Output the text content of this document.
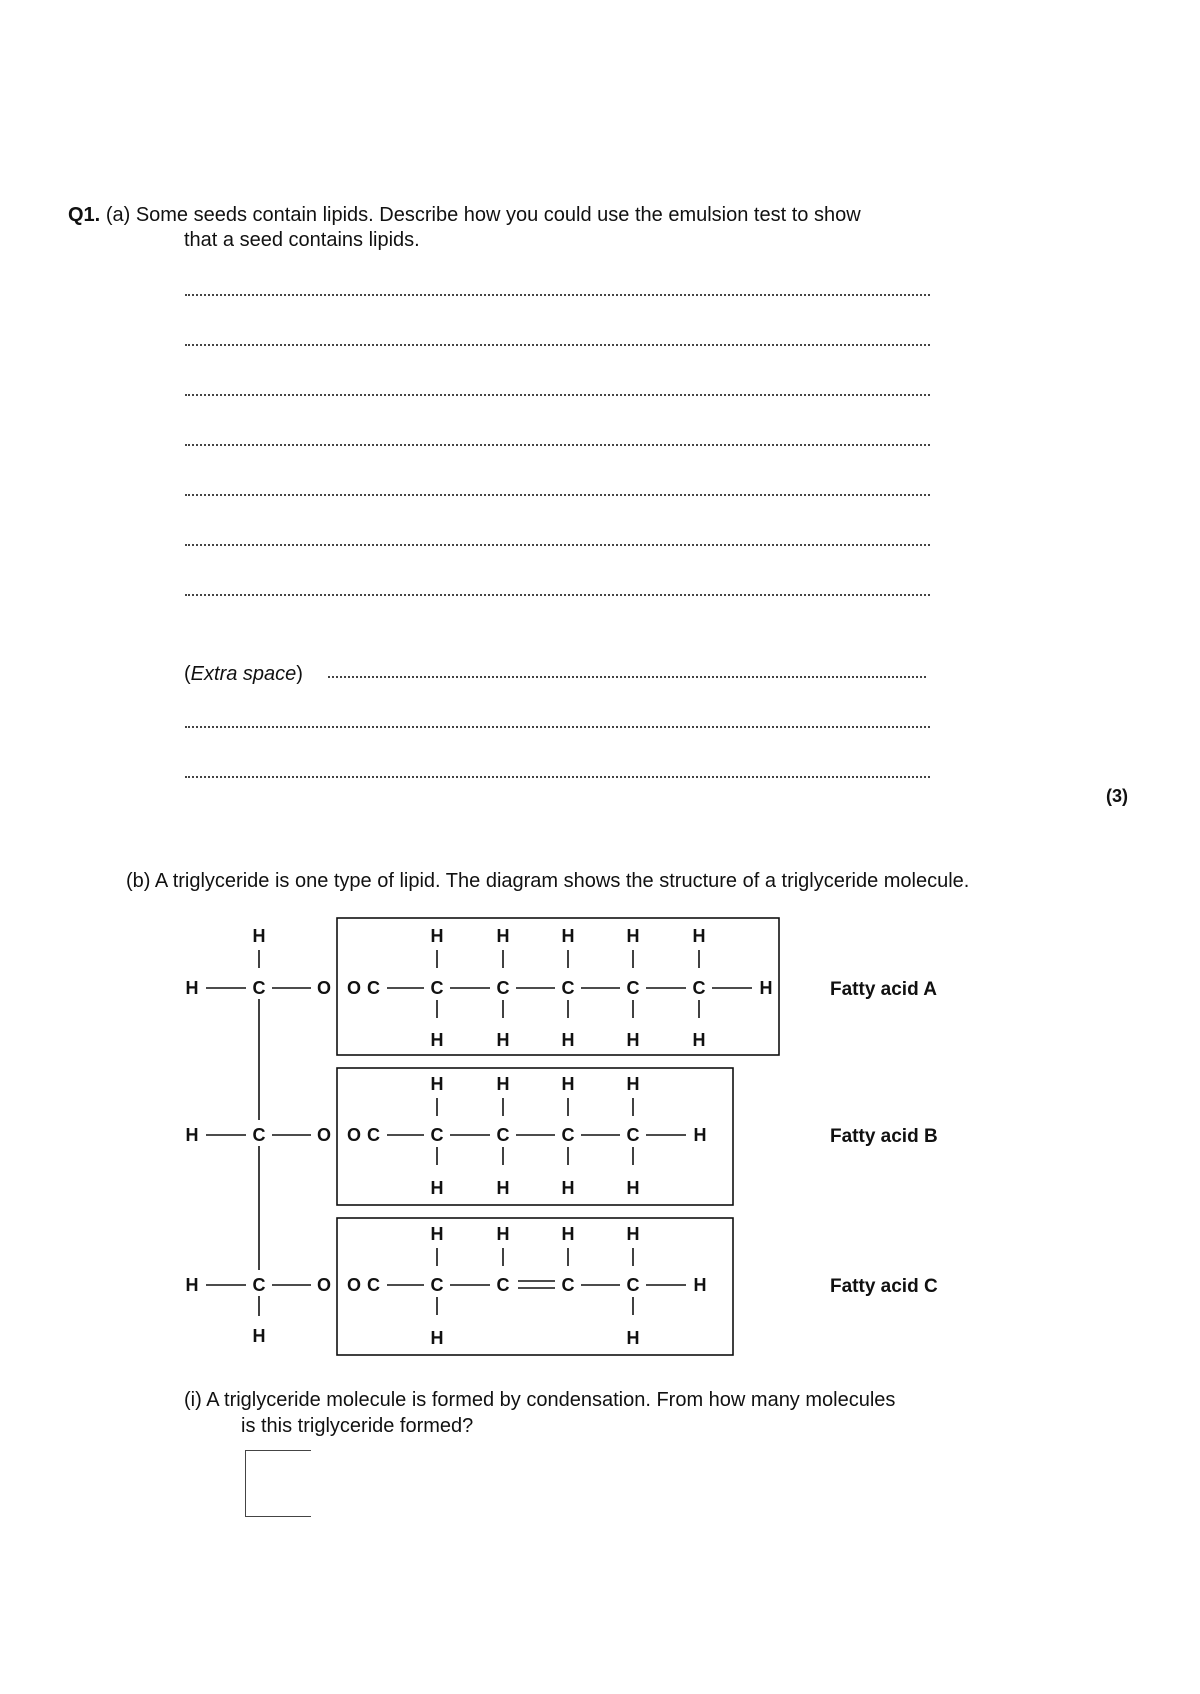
Q1. (a) Some seeds contain lipids. Describe how you could use the emulsion test to show
that a seed contains lipids.
(Extra space)
(3)
(b) A triglyceride is one type of lipid. The diagram shows the structure of a triglyceride molecule.
H
H	C	O
H	C	O
H	C	O
H
O C
H
C
H
H
C
H
H
C
H
H
C
H
H
C
H
H	Fatty acid A
O C
H
C
H
H
C
H
H
C
H
H
C
H
H	Fatty acid B
O C
H
C
H
H
C
H
C
H
C
H
H	Fatty acid C
(i) A triglyceride molecule is formed by condensation. From how many molecules
is this triglyceride formed?
